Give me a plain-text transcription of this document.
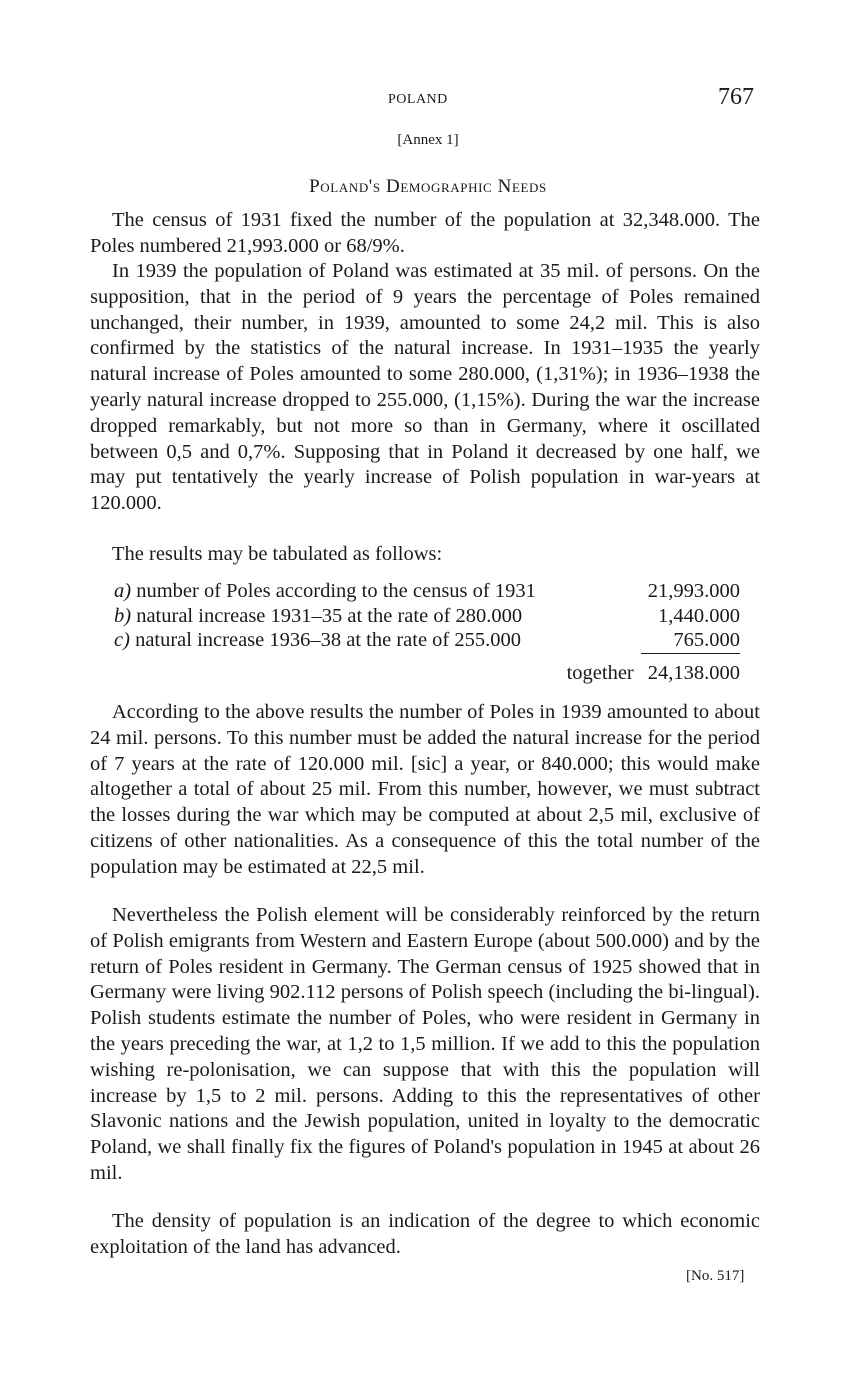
POLAND	767
[Annex 1]
Poland's Demographic Needs

The census of 1931 fixed the number of the population at 32,348.000. The Poles numbered 21,993.000 or 68/9%.

In 1939 the population of Poland was estimated at 35 mil. of persons. On the supposition, that in the period of 9 years the percentage of Poles remained unchanged, their number, in 1939, amounted to some 24,2 mil. This is also confirmed by the statistics of the natural increase. In 1931–1935 the yearly natural increase of Poles amounted to some 280.000, (1,31%); in 1936–1938 the yearly natural increase dropped to 255.000, (1,15%). During the war the increase dropped remarkably, but not more so than in Germany, where it oscillated between 0,5 and 0,7%. Supposing that in Poland it decreased by one half, we may put tentatively the yearly increase of Polish population in war-years at 120.000.

The results may be tabulated as follows:

a) number of Poles according to the census of 1931	21,993.000
b) natural increase 1931–35 at the rate of 280.000	1,440.000
c) natural increase 1936–38 at the rate of 255.000	765.000
together 24,138.000

According to the above results the number of Poles in 1939 amounted to about 24 mil. persons. To this number must be added the natural increase for the period of 7 years at the rate of 120.000 mil. [sic] a year, or 840.000; this would make altogether a total of about 25 mil. From this number, however, we must subtract the losses during the war which may be computed at about 2,5 mil, exclusive of citizens of other nationalities. As a consequence of this the total number of the population may be estimated at 22,5 mil.

Nevertheless the Polish element will be considerably reinforced by the return of Polish emigrants from Western and Eastern Europe (about 500.000) and by the return of Poles resident in Germany. The German census of 1925 showed that in Germany were living 902.112 persons of Polish speech (including the bi-lingual). Polish students estimate the number of Poles, who were resident in Germany in the years preceding the war, at 1,2 to 1,5 million. If we add to this the population wishing re-polonisation, we can suppose that with this the population will increase by 1,5 to 2 mil. persons. Adding to this the representatives of other Slavonic nations and the Jewish population, united in loyalty to the democratic Poland, we shall finally fix the figures of Poland's population in 1945 at about 26 mil.

The density of population is an indication of the degree to which economic exploitation of the land has advanced.

[No. 517]
